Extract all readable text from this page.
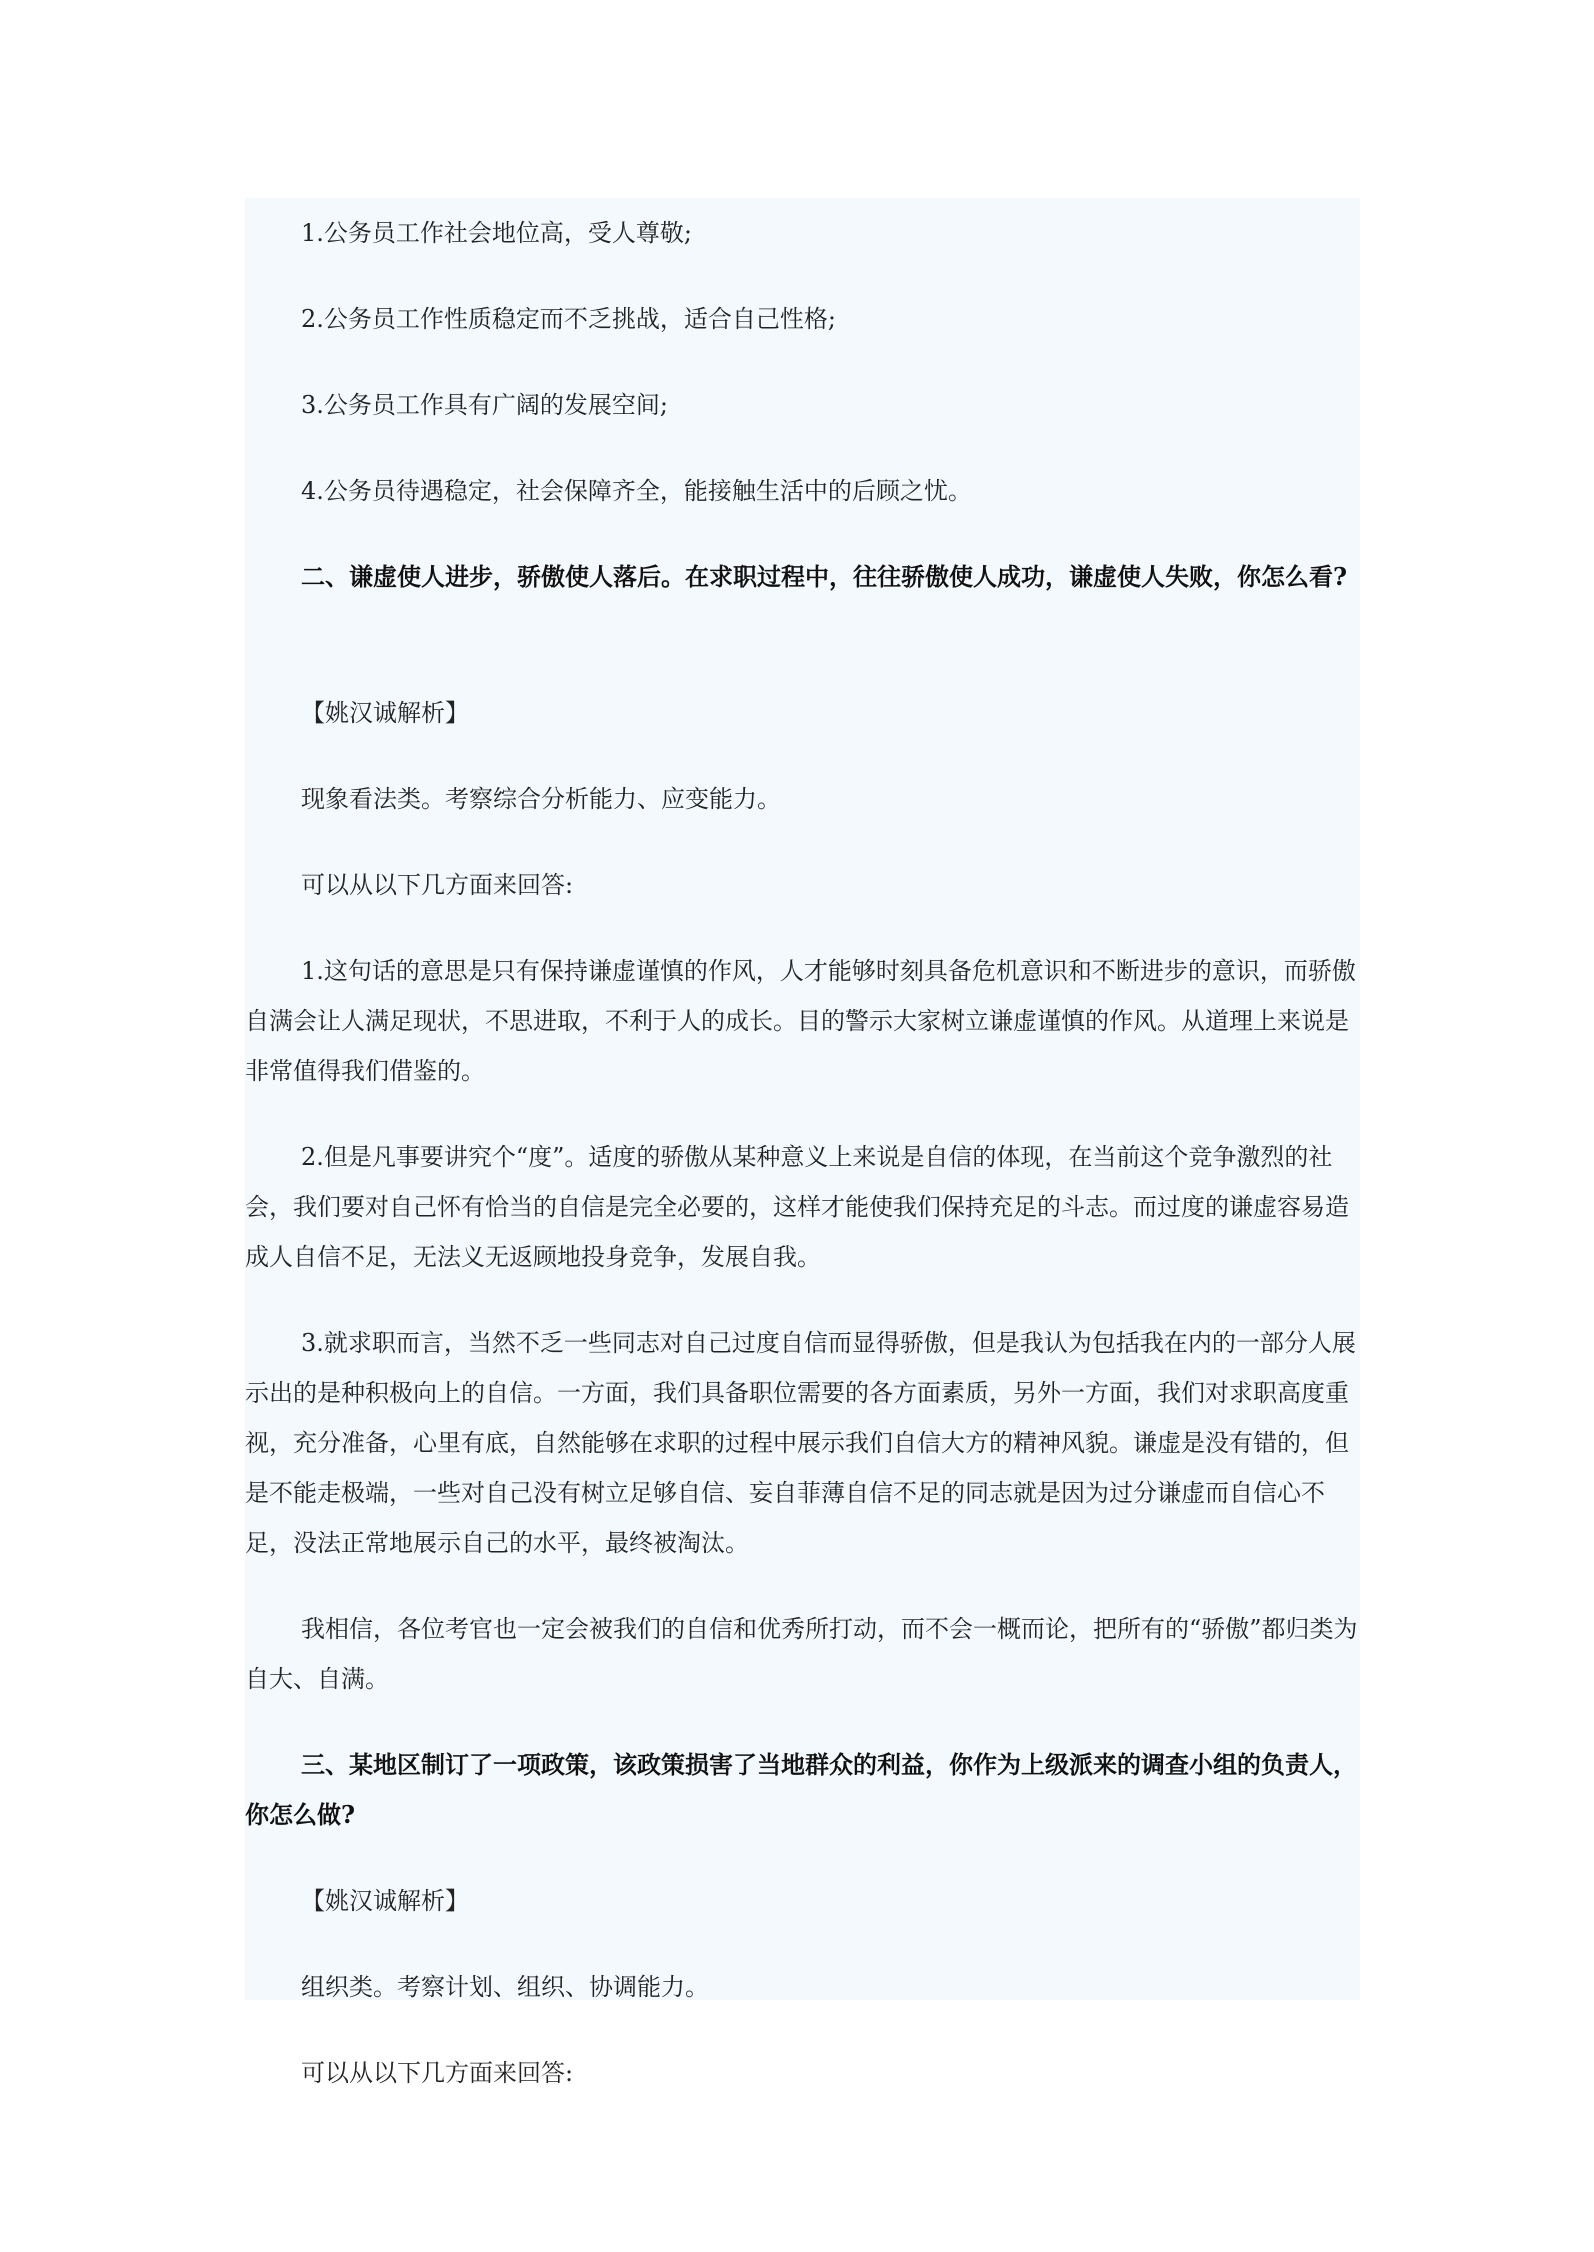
1.公务员工作社会地位高，受人尊敬;

2.公务员工作性质稳定而不乏挑战，适合自己性格;

3.公务员工作具有广阔的发展空间;

4.公务员待遇稳定，社会保障齐全，能接触生活中的后顾之忧。

二、谦虚使人进步，骄傲使人落后。在求职过程中，往往骄傲使人成功，谦虚使人失败，你怎么看?

【姚汉诚解析】

现象看法类。考察综合分析能力、应变能力。

可以从以下几方面来回答:

1.这句话的意思是只有保持谦虚谨慎的作风，人才能够时刻具备危机意识和不断进步的意识，而骄傲自满会让人满足现状，不思进取，不利于人的成长。目的警示大家树立谦虚谨慎的作风。从道理上来说是非常值得我们借鉴的。

2.但是凡事要讲究个“度”。适度的骄傲从某种意义上来说是自信的体现，在当前这个竞争激烈的社会，我们要对自己怀有恰当的自信是完全必要的，这样才能使我们保持充足的斗志。而过度的谦虚容易造成人自信不足，无法义无返顾地投身竞争，发展自我。

3.就求职而言，当然不乏一些同志对自己过度自信而显得骄傲，但是我认为包括我在内的一部分人展示出的是种积极向上的自信。一方面，我们具备职位需要的各方面素质，另外一方面，我们对求职高度重视，充分准备，心里有底，自然能够在求职的过程中展示我们自信大方的精神风貌。谦虚是没有错的，但是不能走极端，一些对自己没有树立足够自信、妄自菲薄自信不足的同志就是因为过分谦虚而自信心不足，没法正常地展示自己的水平，最终被淘汰。

我相信，各位考官也一定会被我们的自信和优秀所打动，而不会一概而论，把所有的“骄傲”都归类为自大、自满。

三、某地区制订了一项政策，该政策损害了当地群众的利益，你作为上级派来的调查小组的负责人，你怎么做?

【姚汉诚解析】

组织类。考察计划、组织、协调能力。

可以从以下几方面来回答:
